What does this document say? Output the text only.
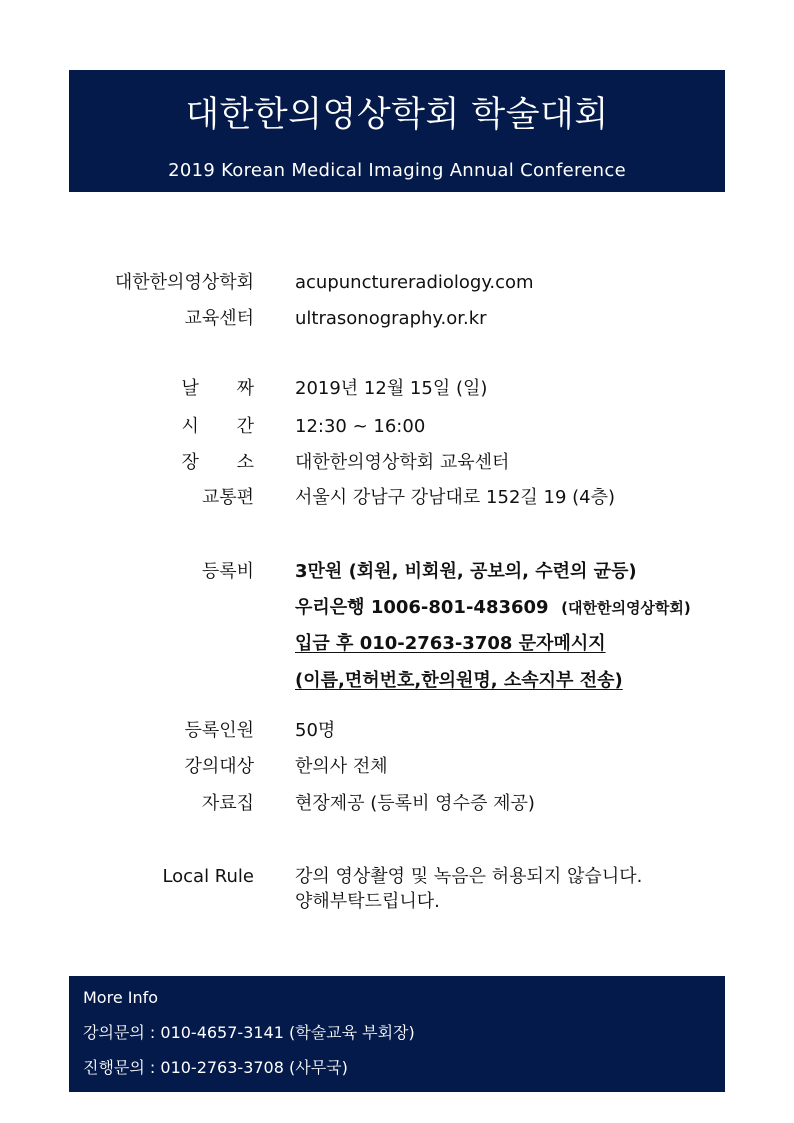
대한한의영상학회 학술대회
2019 Korean Medical Imaging Annual Conference
대한한의영상학회 acupunctureradiology.com
교육센터 ultrasonography.or.kr
날 짜 2019년 12월 15일 (일)
시 간 12:30 ~ 16:00
장 소 대한한의영상학회 교육센터
교통편 서울시 강남구 강남대로 152길 19 (4층)
등록비 3만원 (회원, 비회원, 공보의, 수련의 균등)
우리은행 1006-801-483609 (대한한의영상학회)
입금 후 010-2763-3708 문자메시지
(이름,면허번호,한의원명, 소속지부 전송)
등록인원 50명
강의대상 한의사 전체
자료집 현장제공 (등록비 영수증 제공)
Local Rule 강의 영상촬영 및 녹음은 허용되지 않습니다.
양해부탁드립니다.
More Info
강의문의 : 010-4657-3141 (학술교육 부회장)
진행문의 : 010-2763-3708 (사무국)
